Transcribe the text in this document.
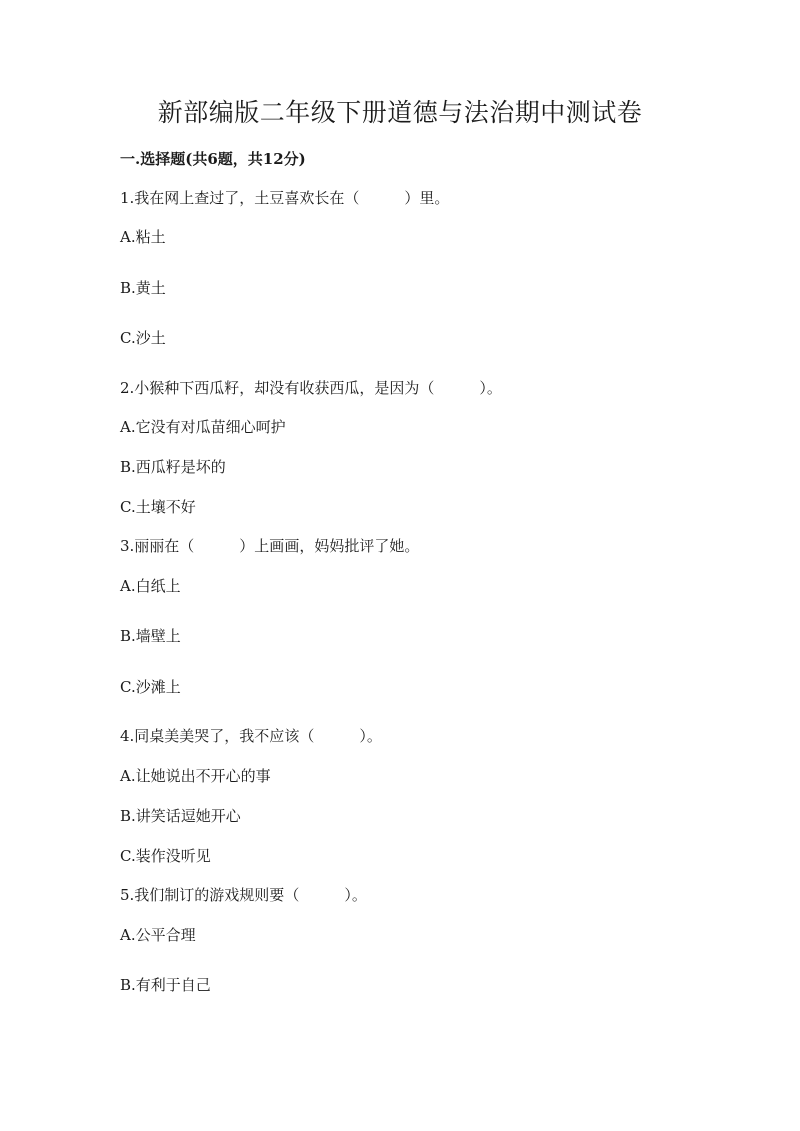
新部编版二年级下册道德与法治期中测试卷
一.选择题(共6题，共12分)
1.我在网上查过了，土豆喜欢长在（　　　）里。
A.粘土
B.黄土
C.沙土
2.小猴种下西瓜籽，却没有收获西瓜，是因为（　　　）。
A.它没有对瓜苗细心呵护
B.西瓜籽是坏的
C.土壤不好
3.丽丽在（　　　）上画画，妈妈批评了她。
A.白纸上
B.墙壁上
C.沙滩上
4.同桌美美哭了，我不应该（　　　）。
A.让她说出不开心的事
B.讲笑话逗她开心
C.装作没听见
5.我们制订的游戏规则要（　　　）。
A.公平合理
B.有利于自己
